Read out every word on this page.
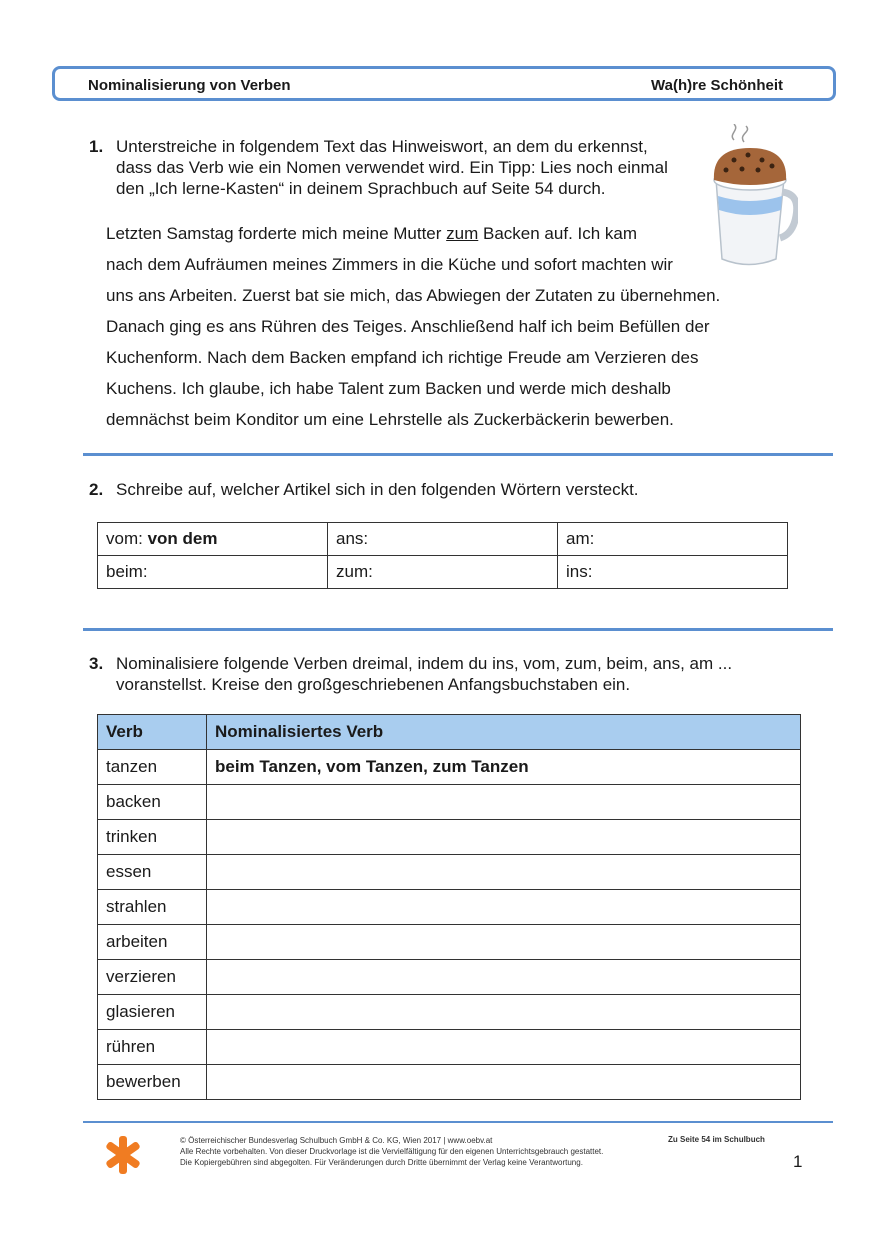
Nominalisierung von Verben	Wa(h)re Schönheit
1. Unterstreiche in folgendem Text das Hinweiswort, an dem du erkennst,
dass das Verb wie ein Nomen verwendet wird. Ein Tipp: Lies noch einmal
den „Ich lerne-Kasten“ in deinem Sprachbuch auf Seite 54 durch.
Letzten Samstag forderte mich meine Mutter zum Backen auf. Ich kam
nach dem Aufräumen meines Zimmers in die Küche und sofort machten wir
uns ans Arbeiten. Zuerst bat sie mich, das Abwiegen der Zutaten zu übernehmen.
Danach ging es ans Rühren des Teiges. Anschließend half ich beim Befüllen der
Kuchenform. Nach dem Backen empfand ich richtige Freude am Verzieren des
Kuchens. Ich glaube, ich habe Talent zum Backen und werde mich deshalb
demnächst beim Konditor um eine Lehrstelle als Zuckerbäckerin bewerben.
2. Schreibe auf, welcher Artikel sich in den folgenden Wörtern versteckt.
vom: von dem	ans:	am:
beim:	zum:	ins:
3. Nominalisiere folgende Verben dreimal, indem du ins, vom, zum, beim, ans, am ...
voranstellst. Kreise den großgeschriebenen Anfangsbuchstaben ein.
Verb	Nominalisiertes Verb
tanzen	beim Tanzen, vom Tanzen, zum Tanzen
backen	
trinken	
essen	
strahlen	
arbeiten	
verzieren	
glasieren	
rühren	
bewerben	
© Österreichischer Bundesverlag Schulbuch GmbH & Co. KG, Wien 2017 | www.oebv.at
Alle Rechte vorbehalten. Von dieser Druckvorlage ist die Vervielfältigung für den eigenen Unterrichtsgebrauch gestattet.
Die Kopiergebühren sind abgegolten. Für Veränderungen durch Dritte übernimmt der Verlag keine Verantwortung.
Zu Seite 54 im Schulbuch
1
